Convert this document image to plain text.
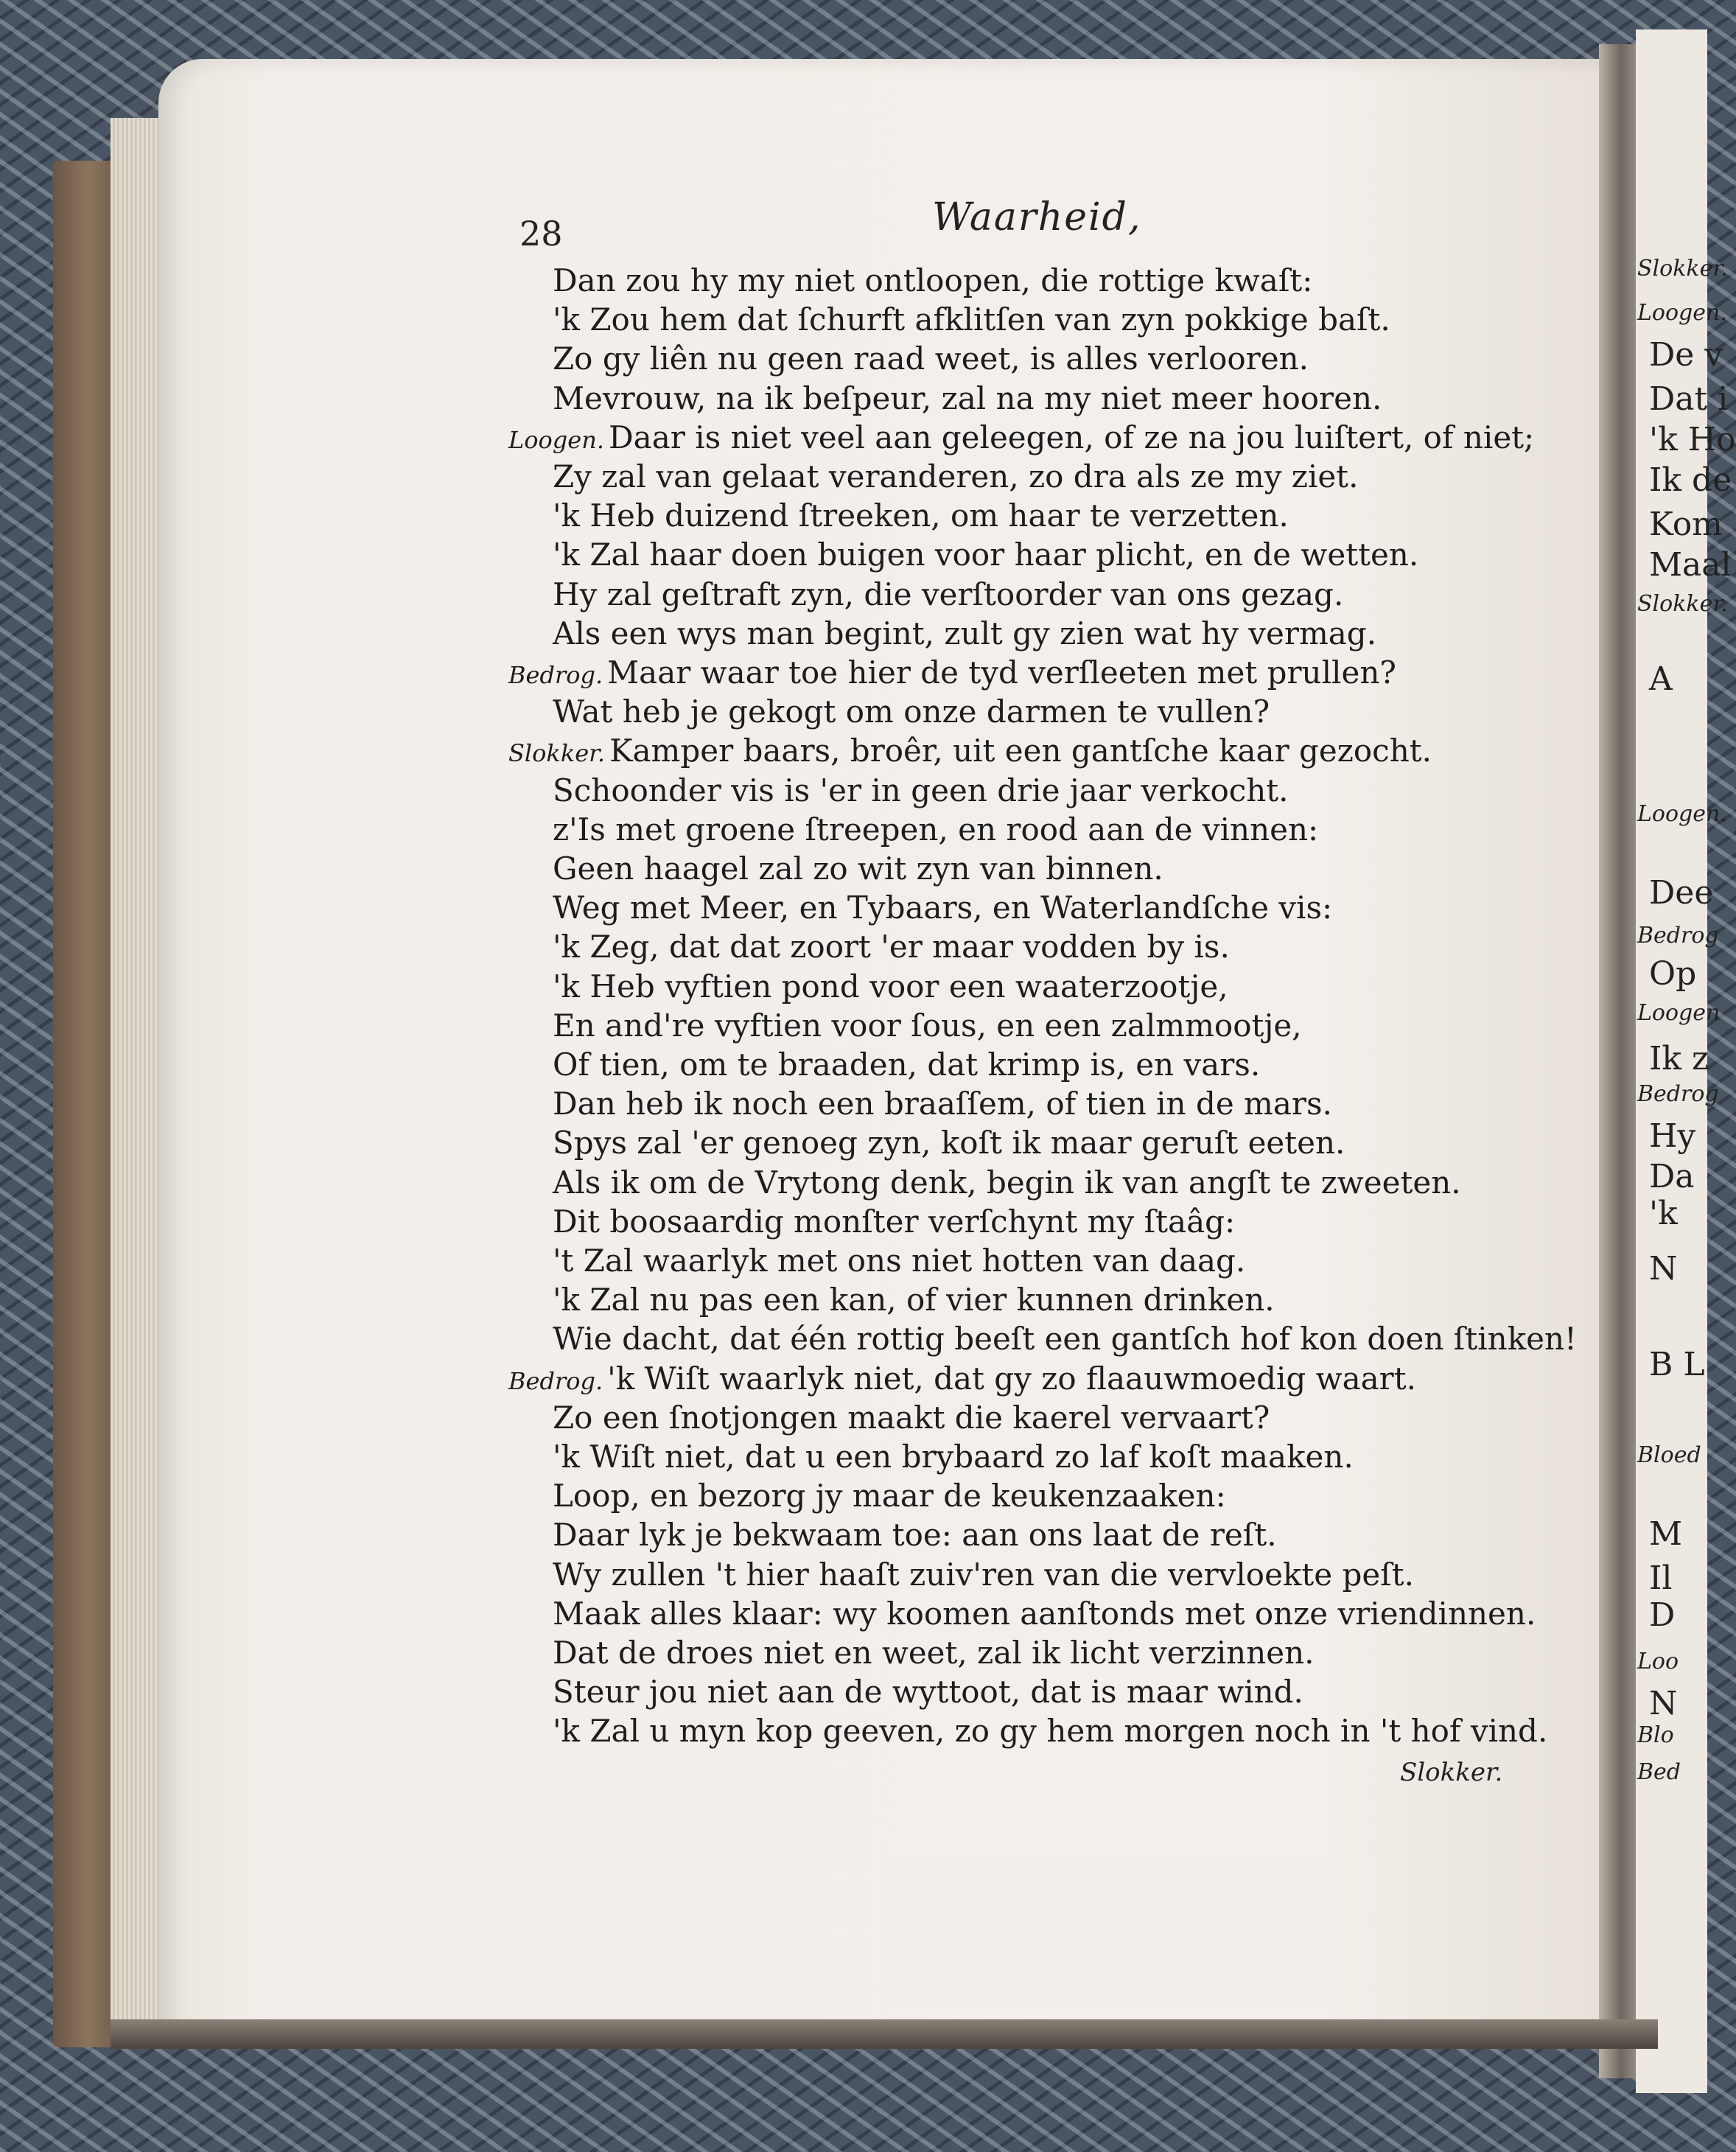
Slokker.
Loogen.
De v
Dat i
'k Ho
Ik de
Kom
Maal
Slokker.
A
Loogen.
Dee
Bedrog
Op
Loogen
Ik z
Bedrog
Hy
Da
'k
N
B L
Bloed
M
Il
D
Loo
N
Blo
Bed
28	Waarheid,
Dan zou hy my niet ontloopen, die rottige kwaſt:
'k Zou hem dat ſchurft afklitſen van zyn pokkige baſt.
Zo gy liên nu geen raad weet, is alles verlooren.
Mevrouw, na ik beſpeur, zal na my niet meer hooren.
Loogen. Daar is niet veel aan geleegen, of ze na jou luiſtert, of niet;
Zy zal van gelaat veranderen, zo dra als ze my ziet.
'k Heb duizend ſtreeken, om haar te verzetten.
'k Zal haar doen buigen voor haar plicht, en de wetten.
Hy zal geſtraft zyn, die verſtoorder van ons gezag.
Als een wys man begint, zult gy zien wat hy vermag.
Bedrog. Maar waar toe hier de tyd verſleeten met prullen?
Wat heb je gekogt om onze darmen te vullen?
Slokker. Kamper baars, broêr, uit een gantſche kaar gezocht.
Schoonder vis is 'er in geen drie jaar verkocht.
z'Is met groene ſtreepen, en rood aan de vinnen:
Geen haagel zal zo wit zyn van binnen.
Weg met Meer, en Tybaars, en Waterlandſche vis:
'k Zeg, dat dat zoort 'er maar vodden by is.
'k Heb vyftien pond voor een waaterzootje,
En and're vyftien voor ſous, en een zalmmootje,
Of tien, om te braaden, dat krimp is, en vars.
Dan heb ik noch een braaſſem, of tien in de mars.
Spys zal 'er genoeg zyn, koſt ik maar geruſt eeten.
Als ik om de Vrytong denk, begin ik van angſt te zweeten.
Dit boosaardig monſter verſchynt my ſtaâg:
't Zal waarlyk met ons niet hotten van daag.
'k Zal nu pas een kan, of vier kunnen drinken.
Wie dacht, dat één rottig beeſt een gantſch hof kon doen ſtinken!
Bedrog. 'k Wiſt waarlyk niet, dat gy zo flaauwmoedig waart.
Zo een ſnotjongen maakt die kaerel vervaart?
'k Wiſt niet, dat u een brybaard zo laf koſt maaken.
Loop, en bezorg jy maar de keukenzaaken:
Daar lyk je bekwaam toe: aan ons laat de reſt.
Wy zullen 't hier haaſt zuiv'ren van die vervloekte peſt.
Maak alles klaar: wy koomen aanſtonds met onze vriendinnen.
Dat de droes niet en weet, zal ik licht verzinnen.
Steur jou niet aan de wyttoot, dat is maar wind.
'k Zal u myn kop geeven, zo gy hem morgen noch in 't hof vind.
Slokker.
